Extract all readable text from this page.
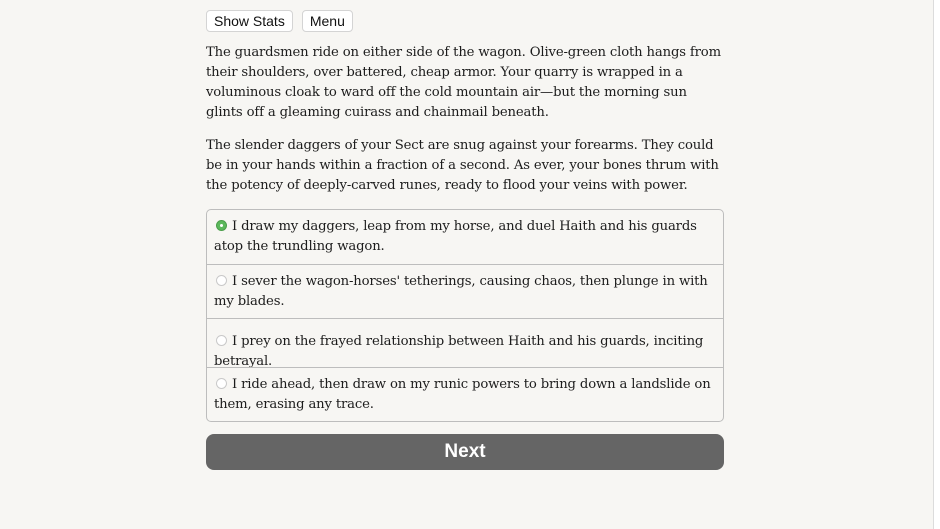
Show Stats	Menu

The guardsmen ride on either side of the wagon. Olive-green cloth hangs from their shoulders, over battered, cheap armor. Your quarry is wrapped in a voluminous cloak to ward off the cold mountain air—but the morning sun glints off a gleaming cuirass and chainmail beneath.

The slender daggers of your Sect are snug against your forearms. They could be in your hands within a fraction of a second. As ever, your bones thrum with the potency of deeply-carved runes, ready to flood your veins with power.

I draw my daggers, leap from my horse, and duel Haith and his guards atop the trundling wagon.
I sever the wagon-horses' tetherings, causing chaos, then plunge in with my blades.
I prey on the frayed relationship between Haith and his guards, inciting betrayal.
I ride ahead, then draw on my runic powers to bring down a landslide on them, erasing any trace.
Next
